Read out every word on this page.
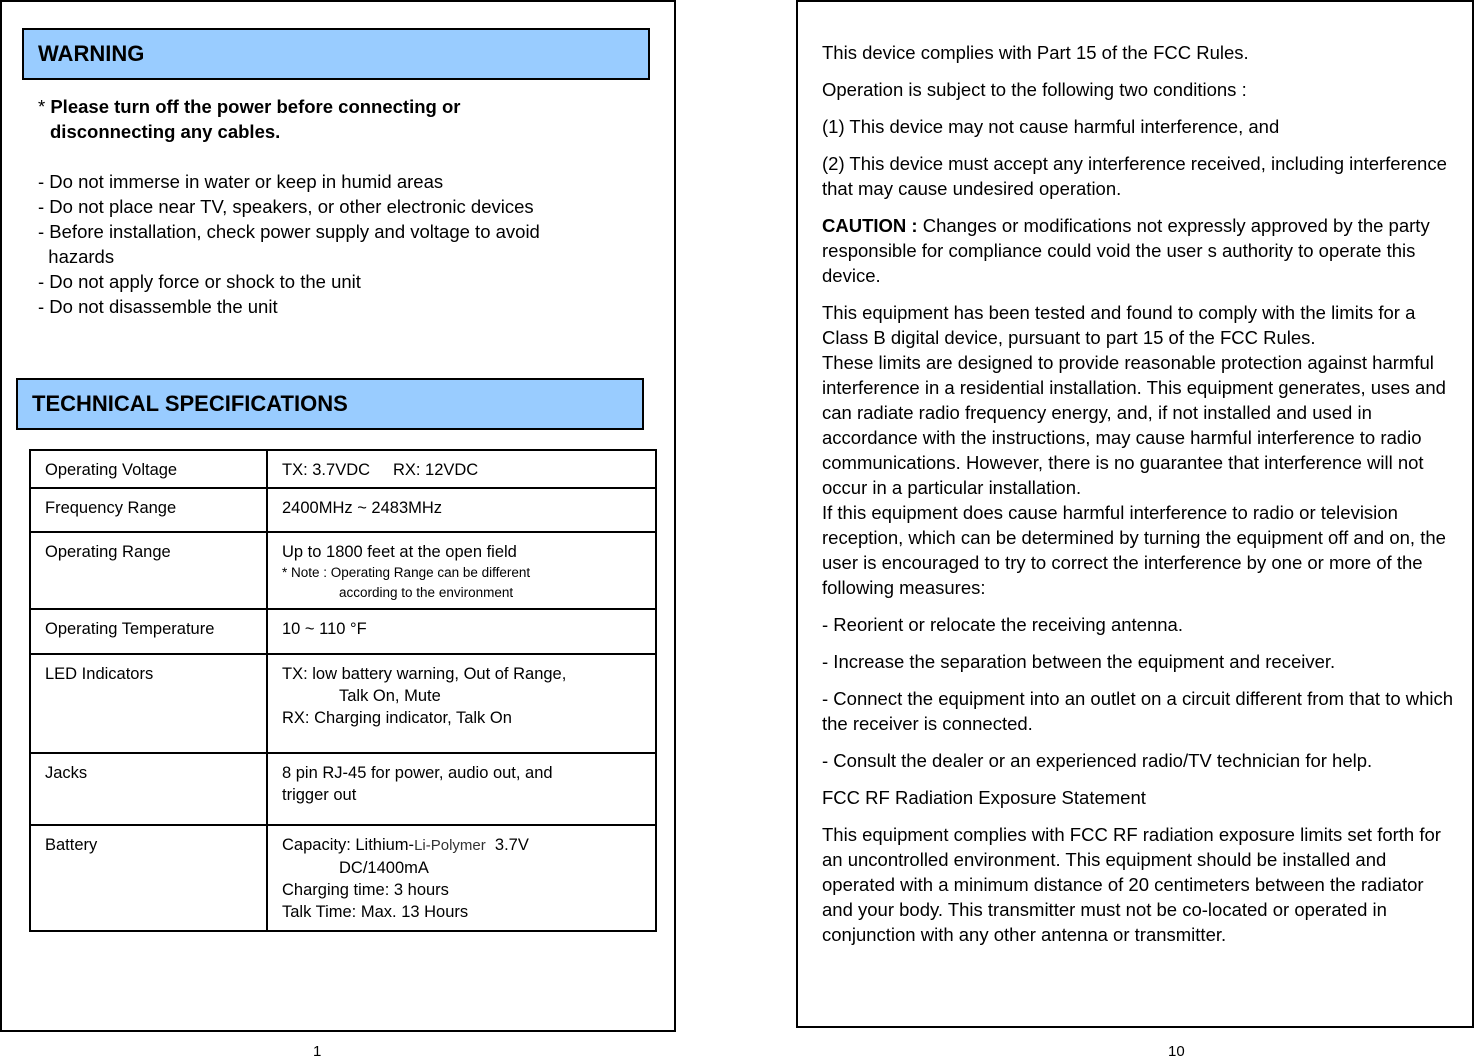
WARNING
* Please turn off the power before connecting or
disconnecting any cables.
- Do not immerse in water or keep in humid areas
- Do not place near TV, speakers, or other electronic devices
- Before installation, check power supply and voltage to avoid
hazards
- Do not apply force or shock to the unit
- Do not disassemble the unit
TECHNICAL SPECIFICATIONS
Operating Voltage	TX: 3.7VDC     RX: 12VDC
Frequency Range	2400MHz ~ 2483MHz
Operating Range	Up to 1800 feet at the open field
* Note : Operating Range can be different
according to the environment

Operating Temperature	10 ~ 110 °F
LED Indicators	TX: low battery warning, Out of Range,
Talk On, Mute
RX: Charging indicator, Talk On

Jacks	8 pin RJ-45 for power, audio out, and
trigger out

Battery	Capacity: Lithium-Li-Polymer  3.7V
DC/1400mA
Charging time: 3 hours
Talk Time: Max. 13 Hours
1

This device complies with Part 15 of the FCC Rules.

Operation is subject to the following two conditions :

(1) This device may not cause harmful interference, and

(2) This device must accept any interference received, including interference that may cause undesired operation.

CAUTION : Changes or modifications not expressly approved by the party responsible for compliance could void the user s authority to operate this device.

This equipment has been tested and found to comply with the limits for a Class B digital device, pursuant to part 15 of the FCC Rules.

These limits are designed to provide reasonable protection against harmful interference in a residential installation. This equipment generates, uses and can radiate radio frequency energy, and, if not installed and used in accordance with the instructions, may cause harmful interference to radio communications. However, there is no guarantee that interference will not occur in a particular installation.

If this equipment does cause harmful interference to radio or television reception, which can be determined by turning the equipment off and on, the user is encouraged to try to correct the interference by one or more of the following measures:

- Reorient or relocate the receiving antenna.

- Increase the separation between the equipment and receiver.

- Connect the equipment into an outlet on a circuit different from that to which the receiver is connected.

- Consult the dealer or an experienced radio/TV technician for help.

FCC RF Radiation Exposure Statement

This equipment complies with FCC RF radiation exposure limits set forth for an uncontrolled environment. This equipment should be installed and operated with a minimum distance of 20 centimeters between the radiator and your body. This transmitter must not be co-located or operated in conjunction with any other antenna or transmitter.

10
